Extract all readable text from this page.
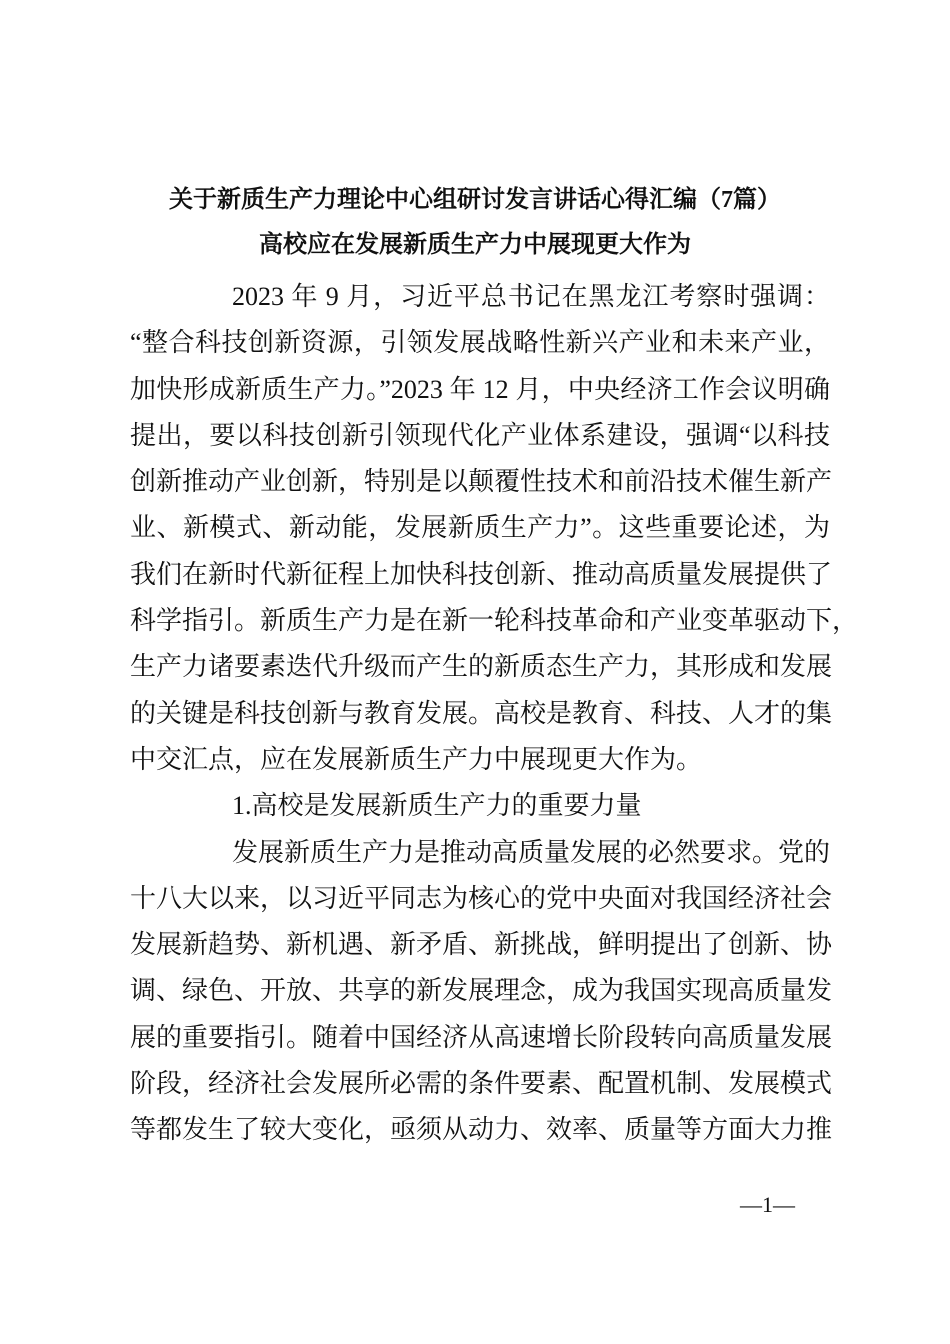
关于新质生产力理论中心组研讨发言讲话心得汇编（7篇）
高校应在发展新质生产力中展现更大作为
2023 年 9 月，习近平总书记在黑龙江考察时强调：
“整合科技创新资源，引领发展战略性新兴产业和未来产业，
加快形成新质生产力。”2023 年 12 月，中央经济工作会议明确
提出，要以科技创新引领现代化产业体系建设，强调“以科技
创新推动产业创新，特别是以颠覆性技术和前沿技术催生新产
业、新模式、新动能，发展新质生产力”。这些重要论述，为
我们在新时代新征程上加快科技创新、推动高质量发展提供了
科学指引。新质生产力是在新一轮科技革命和产业变革驱动下，
生产力诸要素迭代升级而产生的新质态生产力，其形成和发展
的关键是科技创新与教育发展。高校是教育、科技、人才的集
中交汇点，应在发展新质生产力中展现更大作为。
1.高校是发展新质生产力的重要力量
发展新质生产力是推动高质量发展的必然要求。党的
十八大以来，以习近平同志为核心的党中央面对我国经济社会
发展新趋势、新机遇、新矛盾、新挑战，鲜明提出了创新、协
调、绿色、开放、共享的新发展理念，成为我国实现高质量发
展的重要指引。随着中国经济从高速增长阶段转向高质量发展
阶段，经济社会发展所必需的条件要素、配置机制、发展模式
等都发生了较大变化，亟须从动力、效率、质量等方面大力推
—1—
